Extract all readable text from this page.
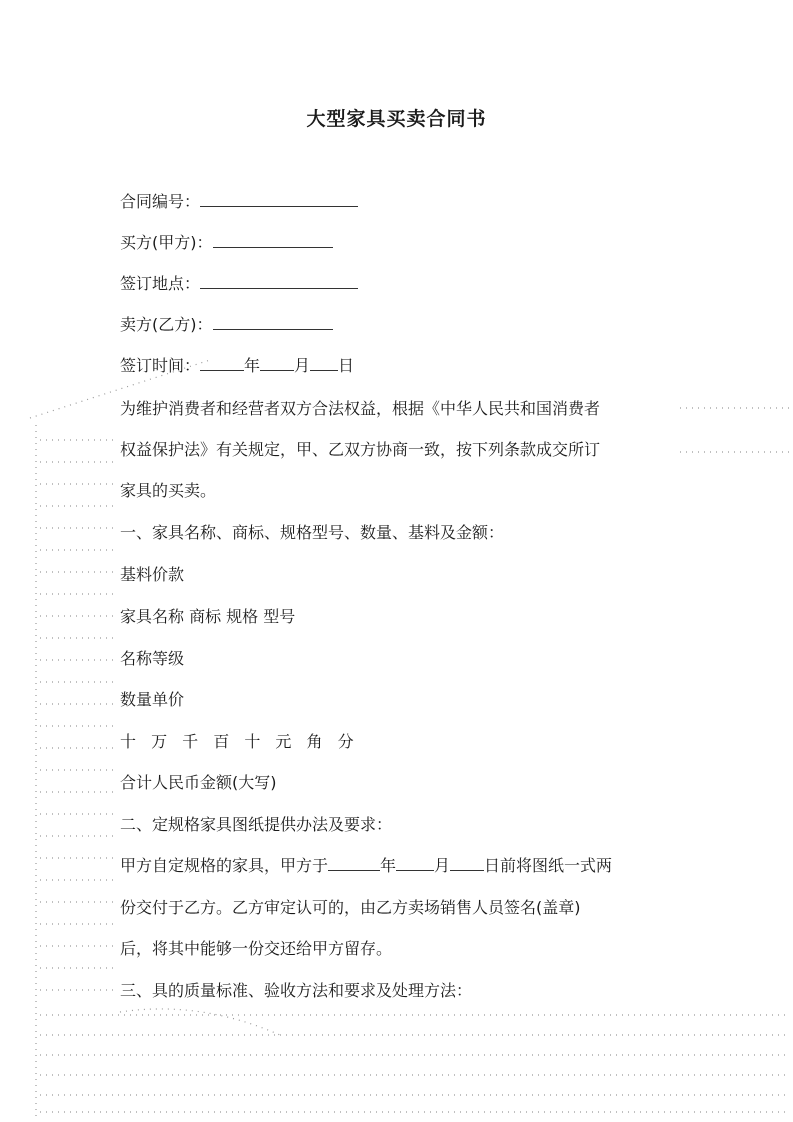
大型家具买卖合同书
合同编号：
买方(甲方)：
签订地点：
卖方(乙方)：
签订时间：	年 月 日
为维护消费者和经营者双方合法权益，根据《中华人民共和国消费者
权益保护法》有关规定，甲、乙双方协商一致，按下列条款成交所订
家具的买卖。
一、家具名称、商标、规格型号、数量、基料及金额：
基料价款
家具名称 商标 规格 型号
名称等级
数量单价
十 万 千 百 十 元 角 分
合计人民币金额(大写)
二、定规格家具图纸提供办法及要求：
甲方自定规格的家具，甲方于	年 月 日前将图纸一式两
份交付于乙方。乙方审定认可的，由乙方卖场销售人员签名(盖章)
后，将其中能够一份交还给甲方留存。
三、具的质量标准、验收方法和要求及处理方法：
